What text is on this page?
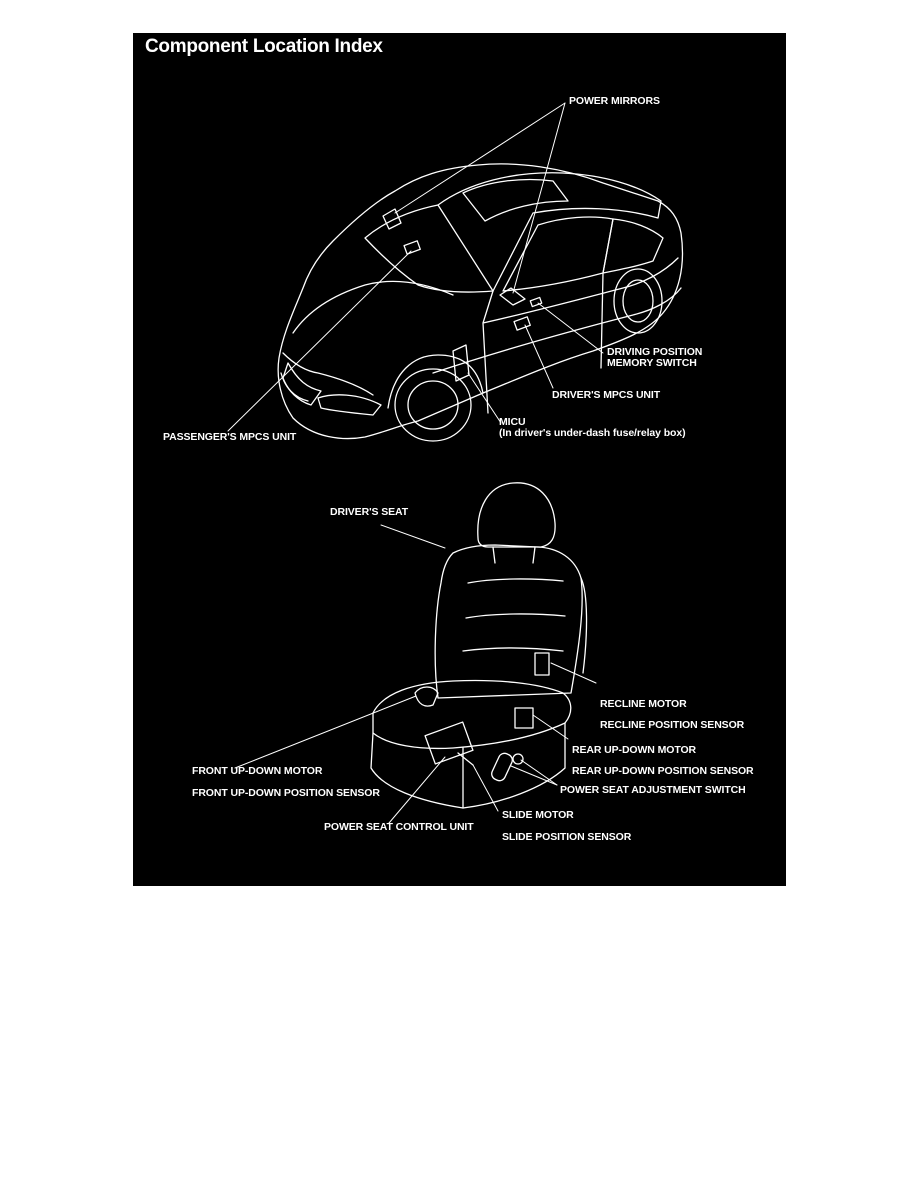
Component Location Index
POWER MIRRORS
DRIVING POSITION
MEMORY SWITCH
DRIVER'S MPCS UNIT
MICU
(In driver's under-dash fuse/relay box)
PASSENGER'S MPCS UNIT
DRIVER'S SEAT
RECLINE MOTOR
RECLINE POSITION SENSOR
REAR UP-DOWN MOTOR
REAR UP-DOWN POSITION SENSOR
FRONT UP-DOWN MOTOR
FRONT UP-DOWN POSITION SENSOR	POWER SEAT ADJUSTMENT SWITCH
SLIDE MOTOR
POWER SEAT CONTROL UNIT
SLIDE POSITION SENSOR
